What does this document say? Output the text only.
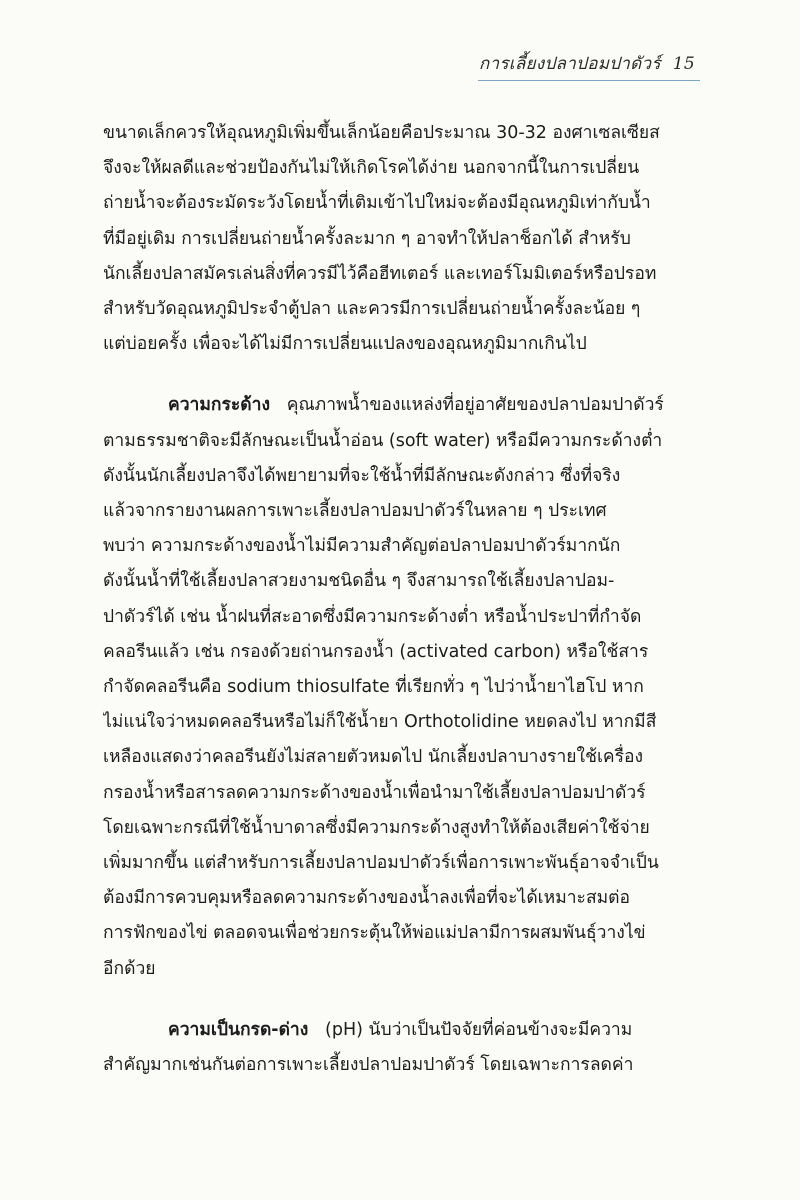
การเลี้ยงปลาปอมปาดัวร์ 15

ขนาดเล็กควรให้อุณหภูมิเพิ่มขึ้นเล็กน้อยคือประมาณ 30-32 องศาเซลเซียส
จึงจะให้ผลดีและช่วยป้องกันไม่ให้เกิดโรคได้ง่าย นอกจากนี้ในการเปลี่ยน
ถ่ายน้ำจะต้องระมัดระวังโดยน้ำที่เติมเข้าไปใหม่จะต้องมีอุณหภูมิเท่ากับน้ำ
ที่มีอยู่เดิม การเปลี่ยนถ่ายน้ำครั้งละมาก ๆ อาจทำให้ปลาช็อกได้ สำหรับ
นักเลี้ยงปลาสมัครเล่นสิ่งที่ควรมีไว้คือฮีทเตอร์ และเทอร์โมมิเตอร์หรือปรอท
สำหรับวัดอุณหภูมิประจำตู้ปลา และควรมีการเปลี่ยนถ่ายน้ำครั้งละน้อย ๆ
แต่บ่อยครั้ง เพื่อจะได้ไม่มีการเปลี่ยนแปลงของอุณหภูมิมากเกินไป

ความกระด้าง คุณภาพน้ำของแหล่งที่อยู่อาศัยของปลาปอมปาดัวร์
ตามธรรมชาติจะมีลักษณะเป็นน้ำอ่อน (soft water) หรือมีความกระด้างต่ำ
ดังนั้นนักเลี้ยงปลาจึงได้พยายามที่จะใช้น้ำที่มีลักษณะดังกล่าว ซึ่งที่จริง
แล้วจากรายงานผลการเพาะเลี้ยงปลาปอมปาดัวร์ในหลาย ๆ ประเทศ
พบว่า ความกระด้างของน้ำไม่มีความสำคัญต่อปลาปอมปาดัวร์มากนัก
ดังนั้นน้ำที่ใช้เลี้ยงปลาสวยงามชนิดอื่น ๆ จึงสามารถใช้เลี้ยงปลาปอม-
ปาดัวร์ได้ เช่น น้ำฝนที่สะอาดซึ่งมีความกระด้างต่ำ หรือน้ำประปาที่กำจัด
คลอรีนแล้ว เช่น กรองด้วยถ่านกรองน้ำ (activated carbon) หรือใช้สาร
กำจัดคลอรีนคือ sodium thiosulfate ที่เรียกทั่ว ๆ ไปว่าน้ำยาไฮโป หาก
ไม่แน่ใจว่าหมดคลอรีนหรือไม่ก็ใช้น้ำยา Orthotolidine หยดลงไป หากมีสี
เหลืองแสดงว่าคลอรีนยังไม่สลายตัวหมดไป นักเลี้ยงปลาบางรายใช้เครื่อง
กรองน้ำหรือสารลดความกระด้างของน้ำเพื่อนำมาใช้เลี้ยงปลาปอมปาดัวร์
โดยเฉพาะกรณีที่ใช้น้ำบาดาลซึ่งมีความกระด้างสูงทำให้ต้องเสียค่าใช้จ่าย
เพิ่มมากขึ้น แต่สำหรับการเลี้ยงปลาปอมปาดัวร์เพื่อการเพาะพันธุ์อาจจำเป็น
ต้องมีการควบคุมหรือลดความกระด้างของน้ำลงเพื่อที่จะได้เหมาะสมต่อ
การฟักของไข่ ตลอดจนเพื่อช่วยกระตุ้นให้พ่อแม่ปลามีการผสมพันธุ์วางไข่
อีกด้วย

ความเป็นกรด-ด่าง (pH) นับว่าเป็นปัจจัยที่ค่อนข้างจะมีความ
สำคัญมากเช่นกันต่อการเพาะเลี้ยงปลาปอมปาดัวร์ โดยเฉพาะการลดค่า
